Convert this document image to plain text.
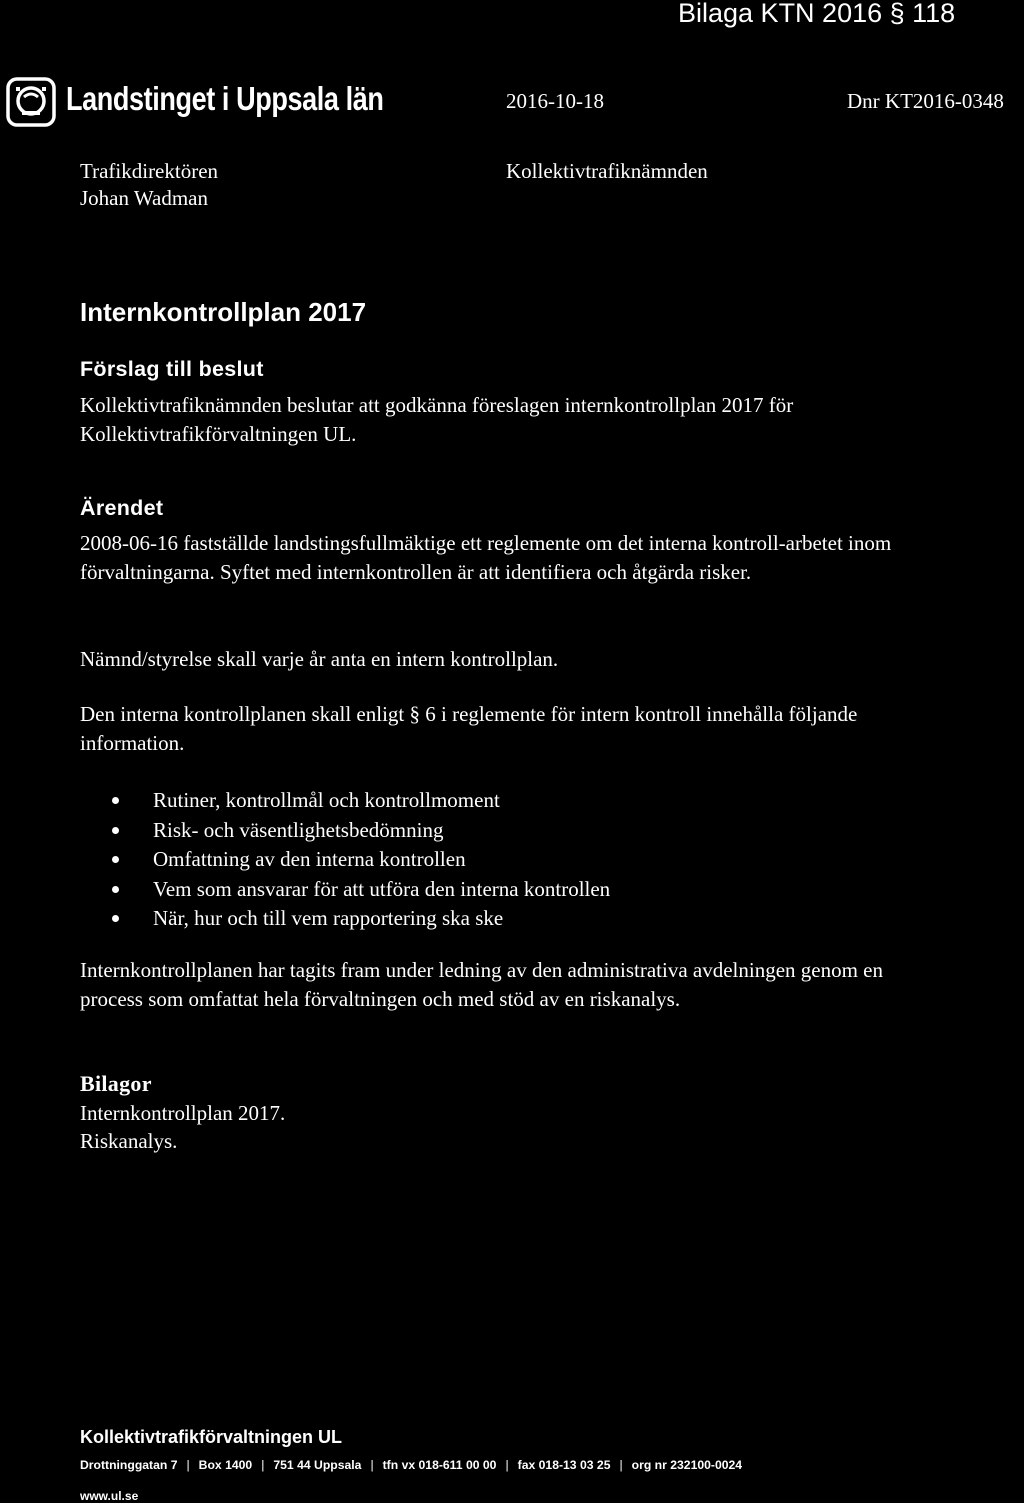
Bilaga KTN 2016 § 118
Landstinget i Uppsala län	2016-10-18	Dnr KT2016-0348
Trafikdirektören
Johan Wadman
Kollektivtrafiknämnden
Internkontrollplan 2017
Förslag till beslut
Kollektivtrafiknämnden beslutar att godkänna föreslagen internkontrollplan 2017 för Kollektivtrafikförvaltningen UL.
Ärendet
2008-06-16 fastställde landstingsfullmäktige ett reglemente om det interna kontroll-arbetet inom förvaltningarna. Syftet med internkontrollen är att identifiera och åtgärda risker.
Nämnd/styrelse skall varje år anta en intern kontrollplan.
Den interna kontrollplanen skall enligt § 6 i reglemente för intern kontroll innehålla följande information.
Rutiner, kontrollmål och kontrollmoment
Risk- och väsentlighetsbedömning
Omfattning av den interna kontrollen
Vem som ansvarar för att utföra den interna kontrollen
När, hur och till vem rapportering ska ske
Internkontrollplanen har tagits fram under ledning av den administrativa avdelningen genom en process som omfattat hela förvaltningen och med stöd av en riskanalys.
Bilagor
Internkontrollplan 2017.
Riskanalys.
Kollektivtrafikförvaltningen UL
Drottninggatan 7 | Box 1400 | 751 44 Uppsala | tfn vx 018-611 00 00 | fax 018-13 03 25 | org nr 232100-0024
www.ul.se
